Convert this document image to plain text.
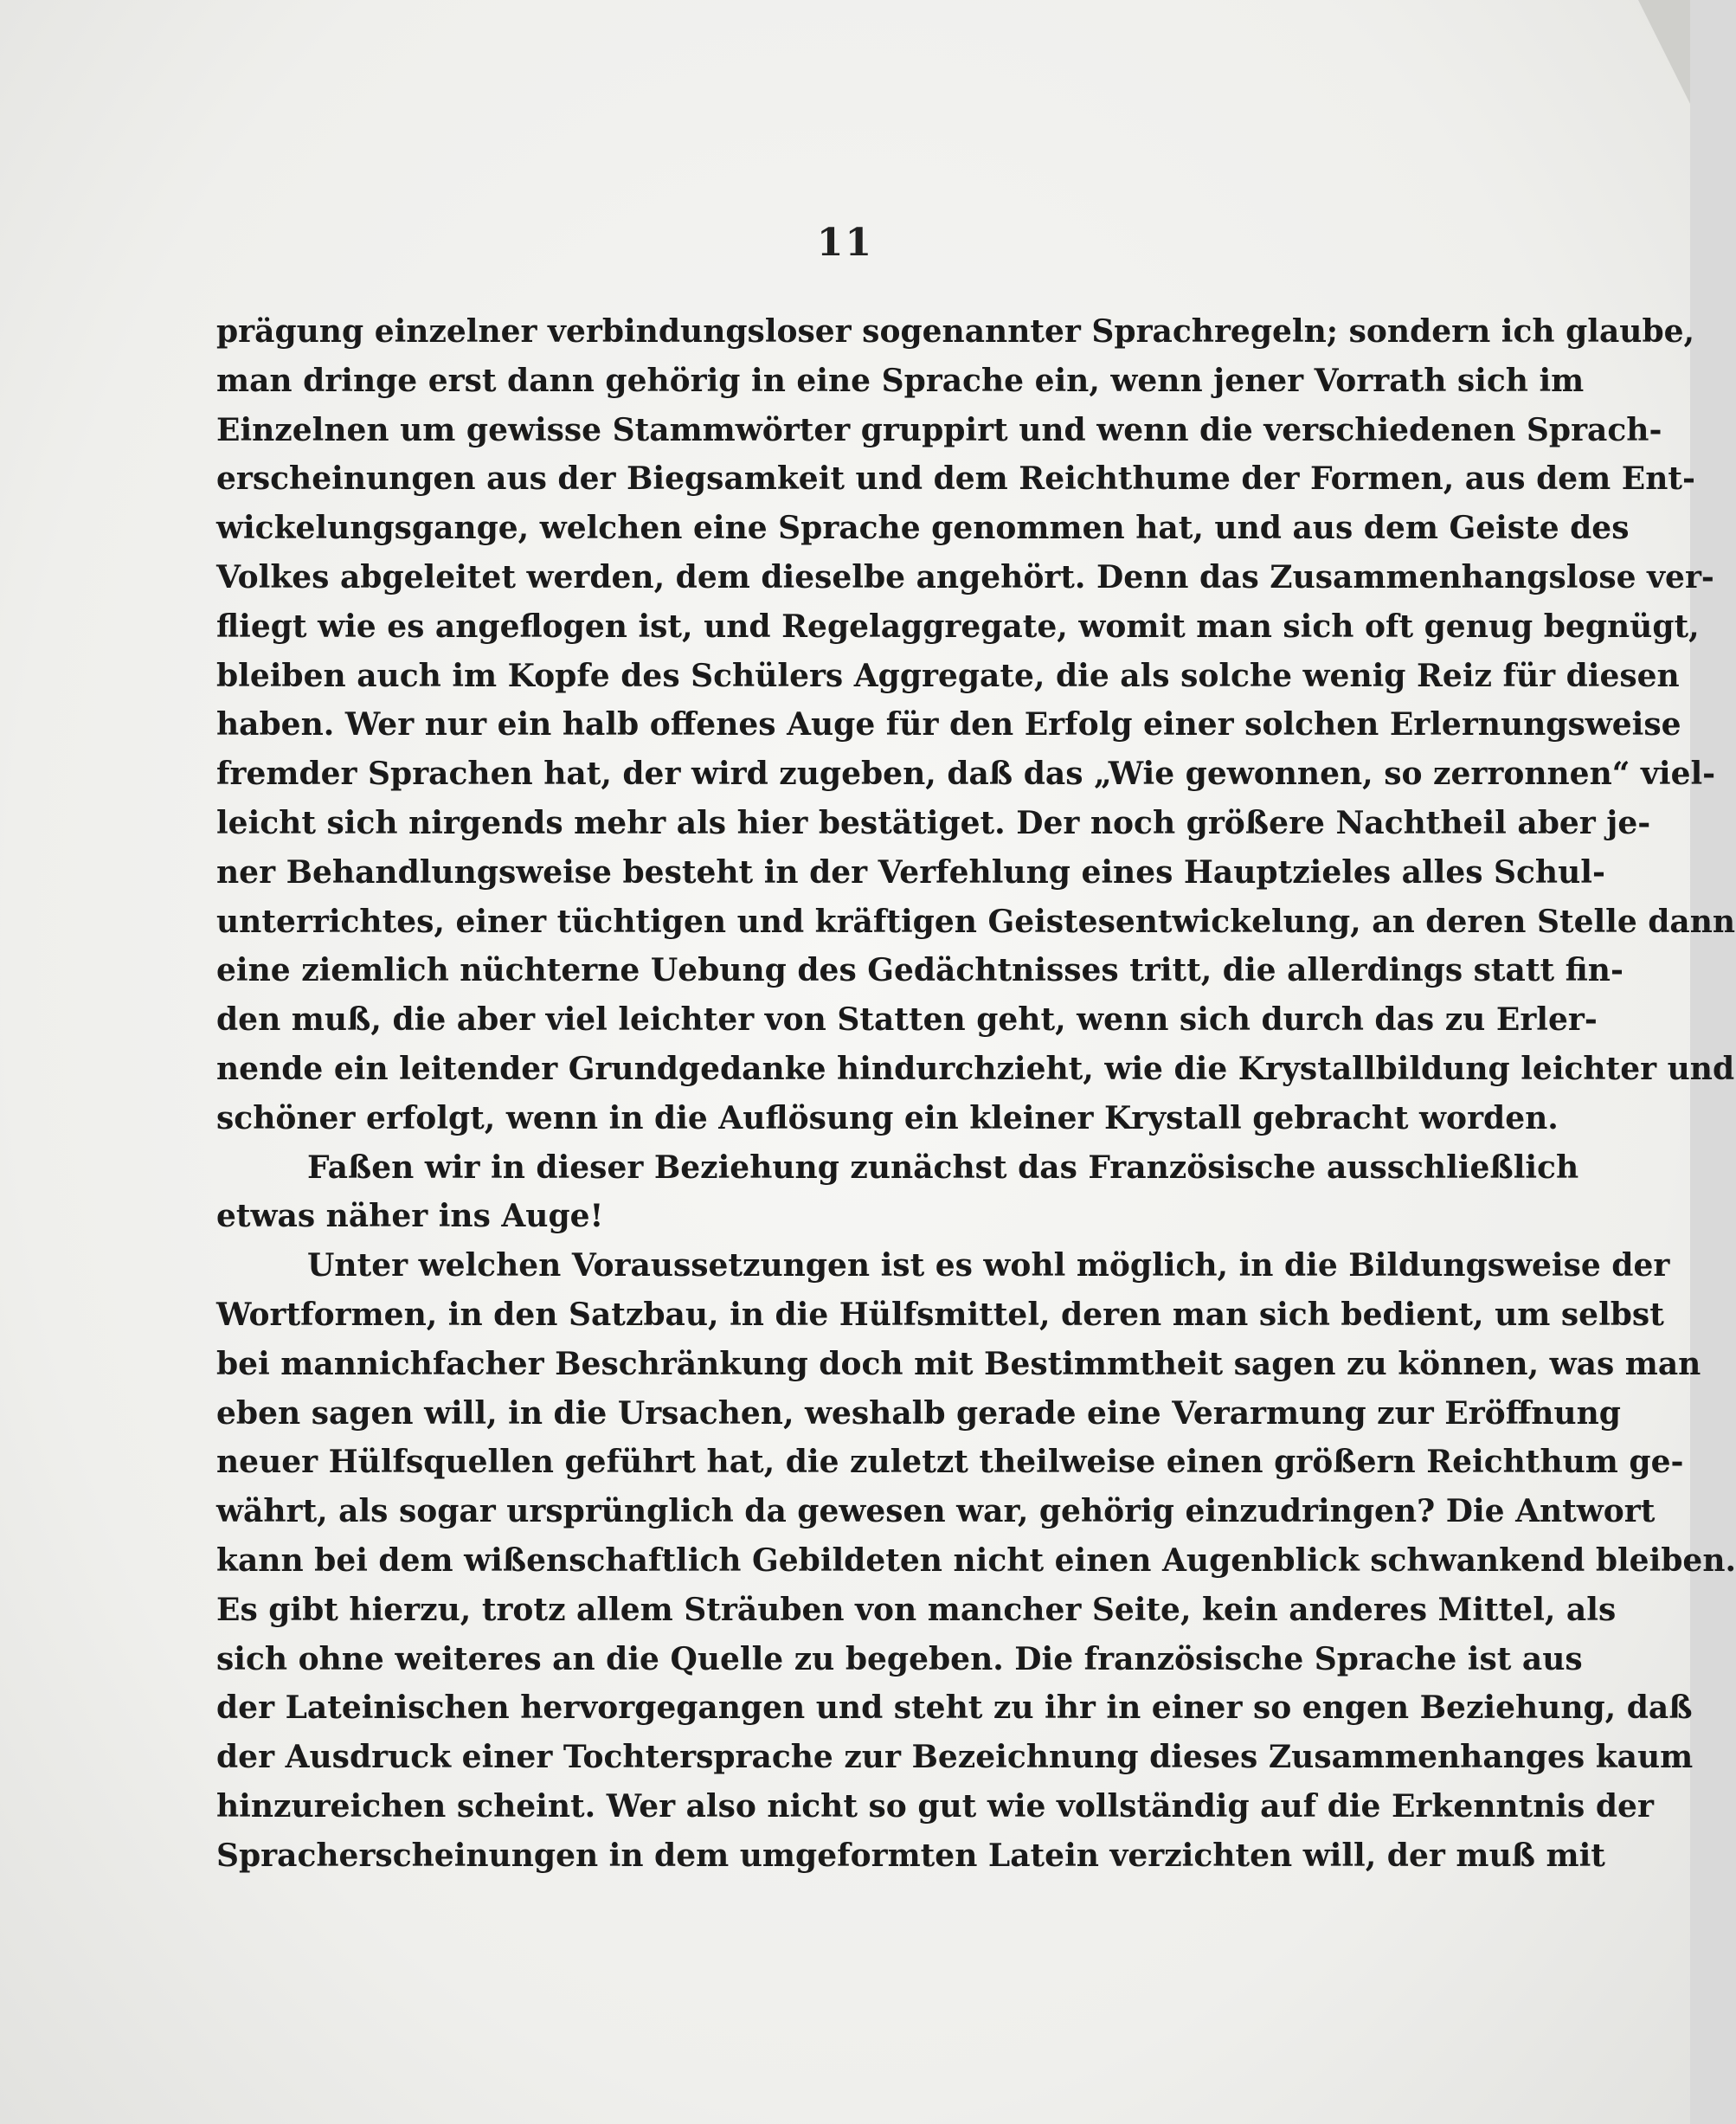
11
prägung einzelner verbindungsloser sogenannter Sprachregeln; sondern ich glaube,
man dringe erst dann gehörig in eine Sprache ein, wenn jener Vorrath sich im
Einzelnen um gewisse Stammwörter gruppirt und wenn die verschiedenen Sprach-
erscheinungen aus der Biegsamkeit und dem Reichthume der Formen, aus dem Ent-
wickelungsgange, welchen eine Sprache genommen hat, und aus dem Geiste des
Volkes abgeleitet werden, dem dieselbe angehört. Denn das Zusammenhangslose ver-
fliegt wie es angeflogen ist, und Regelaggregate, womit man sich oft genug begnügt,
bleiben auch im Kopfe des Schülers Aggregate, die als solche wenig Reiz für diesen
haben. Wer nur ein halb offenes Auge für den Erfolg einer solchen Erlernungsweise
fremder Sprachen hat, der wird zugeben, daß das „Wie gewonnen, so zerronnen“ viel-
leicht sich nirgends mehr als hier bestätiget. Der noch größere Nachtheil aber je-
ner Behandlungsweise besteht in der Verfehlung eines Hauptzieles alles Schul-
unterrichtes, einer tüchtigen und kräftigen Geistesentwickelung, an deren Stelle dann
eine ziemlich nüchterne Uebung des Gedächtnisses tritt, die allerdings statt fin-
den muß, die aber viel leichter von Statten geht, wenn sich durch das zu Erler-
nende ein leitender Grundgedanke hindurchzieht, wie die Krystallbildung leichter und
schöner erfolgt, wenn in die Auflösung ein kleiner Krystall gebracht worden.
Faßen wir in dieser Beziehung zunächst das Französische ausschließlich
etwas näher ins Auge!
Unter welchen Voraussetzungen ist es wohl möglich, in die Bildungsweise der
Wortformen, in den Satzbau, in die Hülfsmittel, deren man sich bedient, um selbst
bei mannichfacher Beschränkung doch mit Bestimmtheit sagen zu können, was man
eben sagen will, in die Ursachen, weshalb gerade eine Verarmung zur Eröffnung
neuer Hülfsquellen geführt hat, die zuletzt theilweise einen größern Reichthum ge-
währt, als sogar ursprünglich da gewesen war, gehörig einzudringen? Die Antwort
kann bei dem wißenschaftlich Gebildeten nicht einen Augenblick schwankend bleiben.
Es gibt hierzu, trotz allem Sträuben von mancher Seite, kein anderes Mittel, als
sich ohne weiteres an die Quelle zu begeben. Die französische Sprache ist aus
der Lateinischen hervorgegangen und steht zu ihr in einer so engen Beziehung, daß
der Ausdruck einer Tochtersprache zur Bezeichnung dieses Zusammenhanges kaum
hinzureichen scheint. Wer also nicht so gut wie vollständig auf die Erkenntnis der
Spracherscheinungen in dem umgeformten Latein verzichten will, der muß mit
